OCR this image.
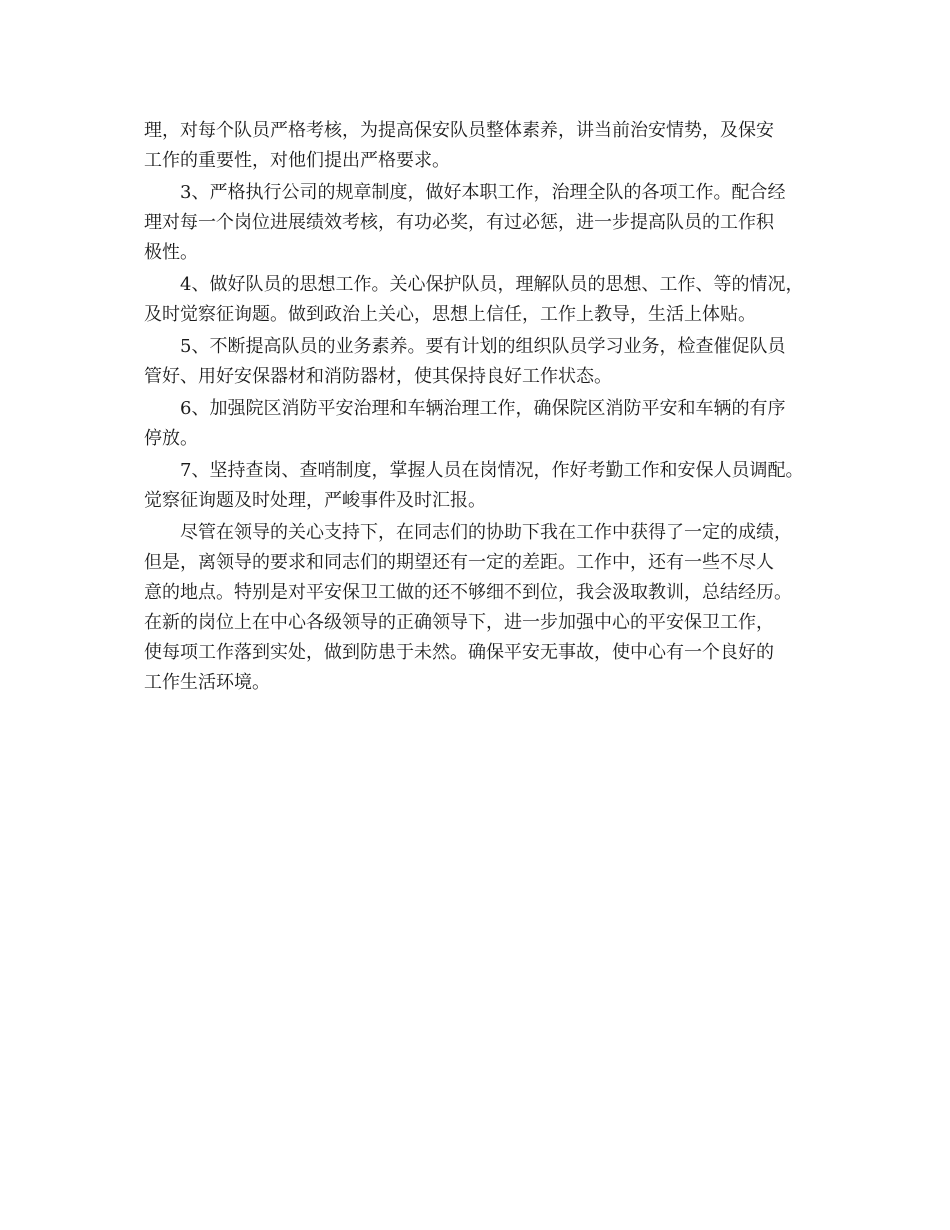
理，对每个队员严格考核，为提高保安队员整体素养，讲当前治安情势，及保安
工作的重要性，对他们提出严格要求。
3、严格执行公司的规章制度，做好本职工作，治理全队的各项工作。配合经
理对每一个岗位进展绩效考核，有功必奖，有过必惩，进一步提高队员的工作积
极性。
4、做好队员的思想工作。关心保护队员，理解队员的思想、工作、等的情况，
及时觉察征询题。做到政治上关心，思想上信任，工作上教导，生活上体贴。
5、不断提高队员的业务素养。要有计划的组织队员学习业务，检查催促队员
管好、用好安保器材和消防器材，使其保持良好工作状态。
6、加强院区消防平安治理和车辆治理工作，确保院区消防平安和车辆的有序
停放。
7、坚持查岗、查哨制度，掌握人员在岗情况，作好考勤工作和安保人员调配。
觉察征询题及时处理，严峻事件及时汇报。
尽管在领导的关心支持下，在同志们的协助下我在工作中获得了一定的成绩，
但是，离领导的要求和同志们的期望还有一定的差距。工作中，还有一些不尽人
意的地点。特别是对平安保卫工做的还不够细不到位，我会汲取教训，总结经历。
在新的岗位上在中心各级领导的正确领导下，进一步加强中心的平安保卫工作，
使每项工作落到实处，做到防患于未然。确保平安无事故，使中心有一个良好的
工作生活环境。
